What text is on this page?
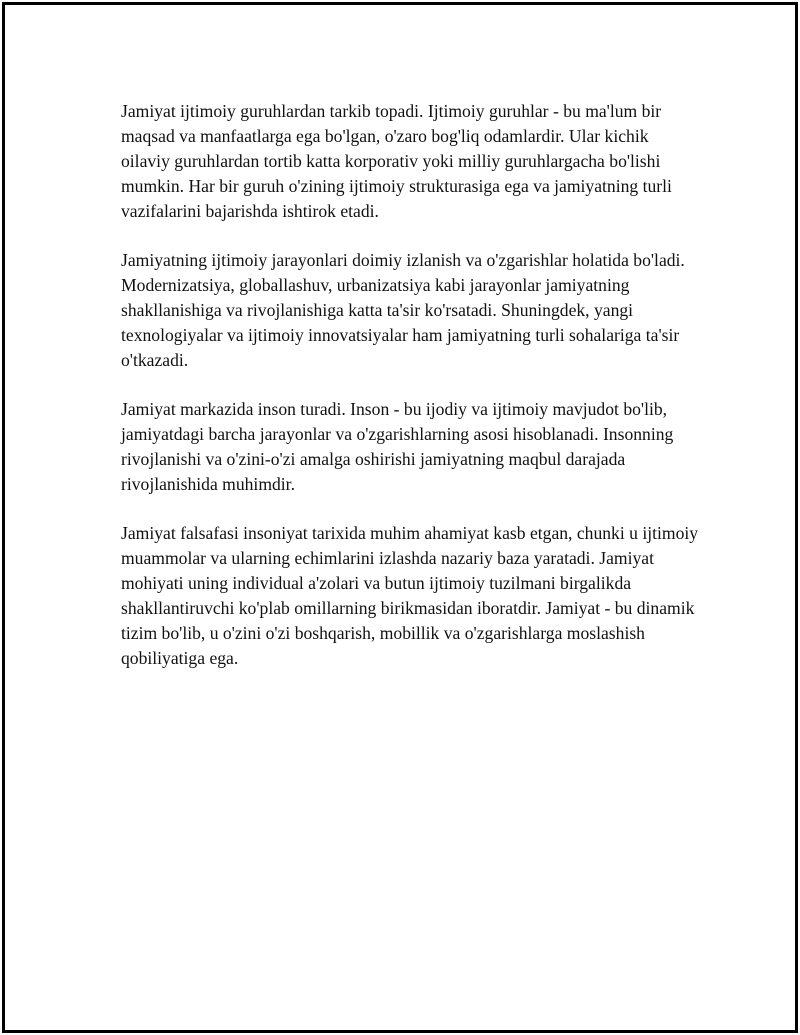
Jamiyat ijtimoiy guruhlardan tarkib topadi. Ijtimoiy guruhlar - bu ma'lum bir maqsad va manfaatlarga ega bo'lgan, o'zaro bog'liq odamlardir. Ular kichik oilaviy guruhlardan tortib katta korporativ yoki milliy guruhlargacha bo'lishi mumkin. Har bir guruh o'zining ijtimoiy strukturasiga ega va jamiyatning turli vazifalarini bajarishda ishtirok etadi.

Jamiyatning ijtimoiy jarayonlari doimiy izlanish va o'zgarishlar holatida bo'ladi. Modernizatsiya, globallashuv, urbanizatsiya kabi jarayonlar jamiyatning shakllanishiga va rivojlanishiga katta ta'sir ko'rsatadi. Shuningdek, yangi texnologiyalar va ijtimoiy innovatsiyalar ham jamiyatning turli sohalariga ta'sir o'tkazadi.

Jamiyat markazida inson turadi. Inson - bu ijodiy va ijtimoiy mavjudot bo'lib, jamiyatdagi barcha jarayonlar va o'zgarishlarning asosi hisoblanadi. Insonning rivojlanishi va o'zini-o'zi amalga oshirishi jamiyatning maqbul darajada rivojlanishida muhimdir.

Jamiyat falsafasi insoniyat tarixida muhim ahamiyat kasb etgan, chunki u ijtimoiy muammolar va ularning echimlarini izlashda nazariy baza yaratadi. Jamiyat mohiyati uning individual a'zolari va butun ijtimoiy tuzilmani birgalikda shakllantiruvchi ko'plab omillarning birikmasidan iboratdir. Jamiyat - bu dinamik tizim bo'lib, u o'zini o'zi boshqarish, mobillik va o'zgarishlarga moslashish qobiliyatiga ega.
